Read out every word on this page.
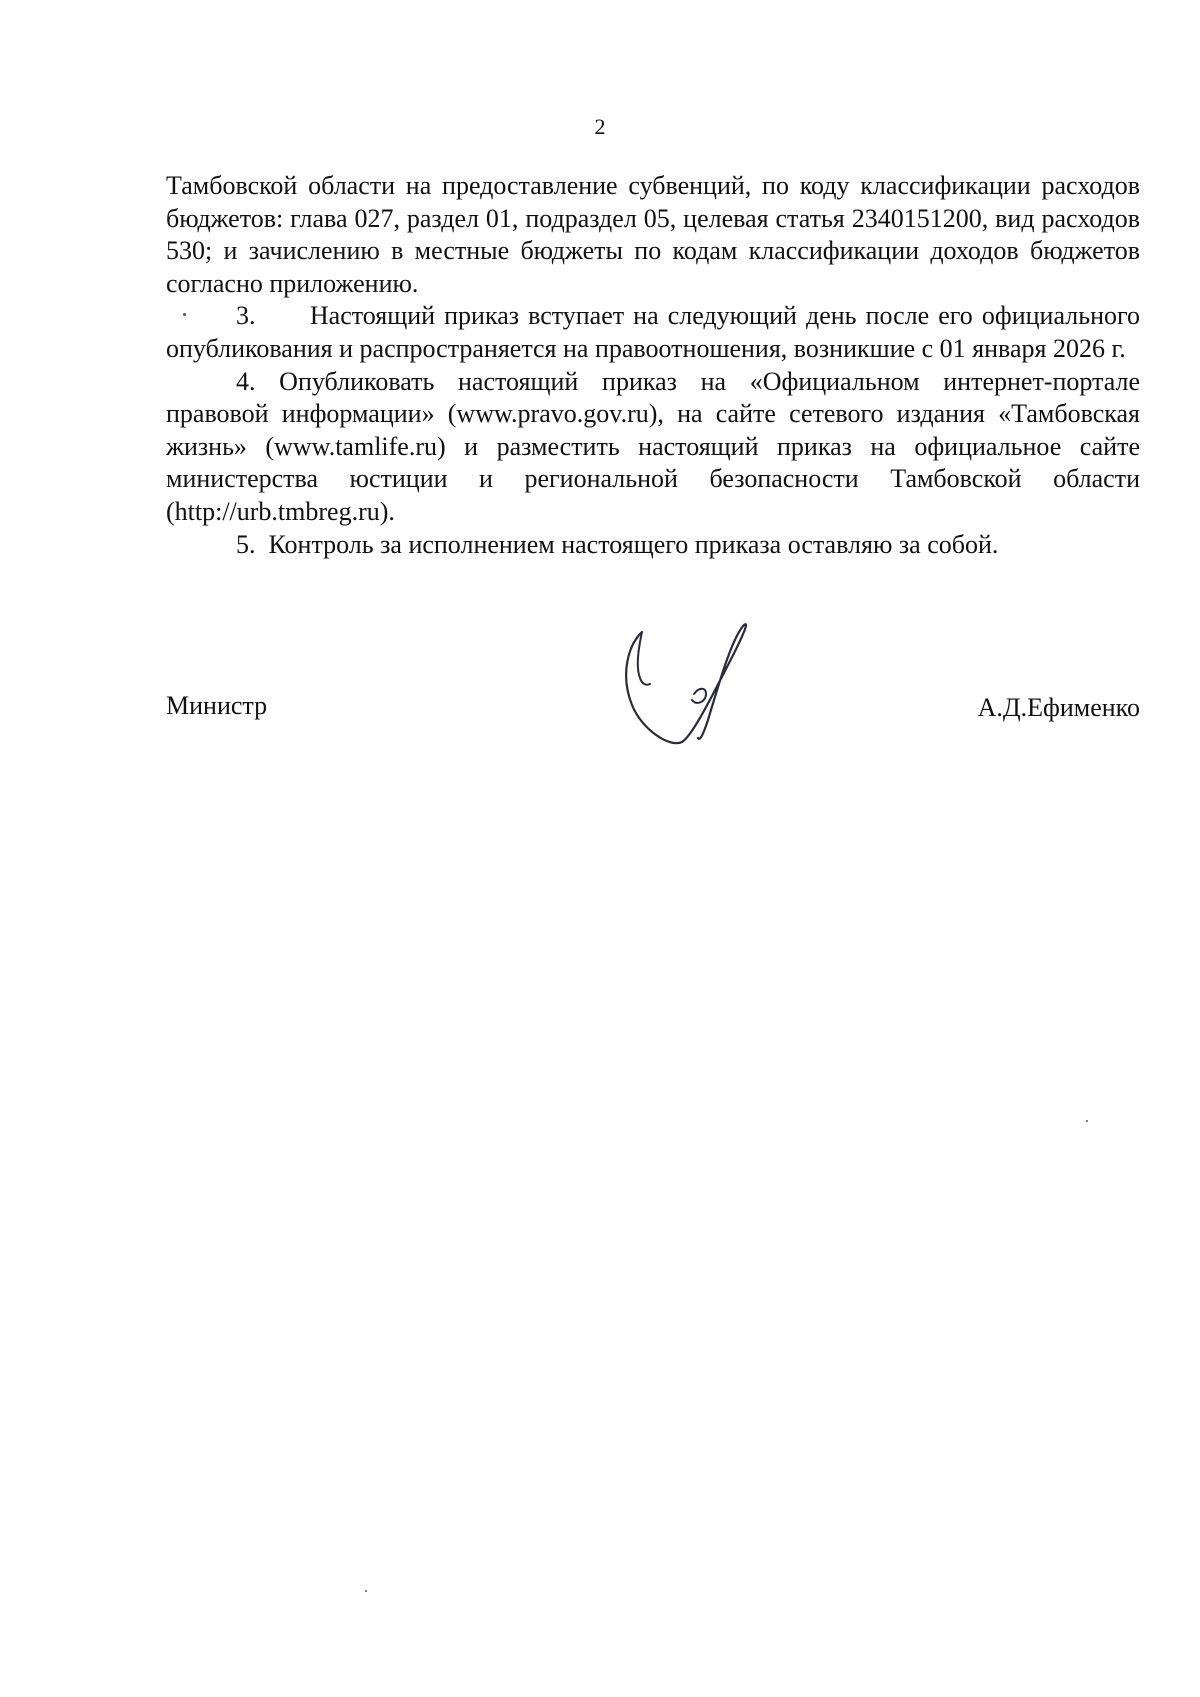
2

Тамбовской области на предоставление субвенций, по коду классификации расходов бюджетов: глава 027, раздел 01, подраздел 05, целевая статья 2340151200, вид расходов 530; и зачислению в местные бюджеты по кодам классификации доходов бюджетов согласно приложению.

3.      Настоящий приказ вступает на следующий день после его официального опубликования и распространяется на правоотношения, возникшие с 01 января 2026 г.

4. Опубликовать настоящий приказ на «Официальном интернет-портале правовой информации» (www.pravo.gov.ru), на сайте сетевого издания «Тамбовская жизнь» (www.tamlife.ru) и разместить настоящий приказ на официальное сайте министерства юстиции и региональной безопасности Тамбовской области (http://urb.tmbreg.ru).

5.  Контроль за исполнением настоящего приказа оставляю за собой.

Министр	А.Д.Ефименко
